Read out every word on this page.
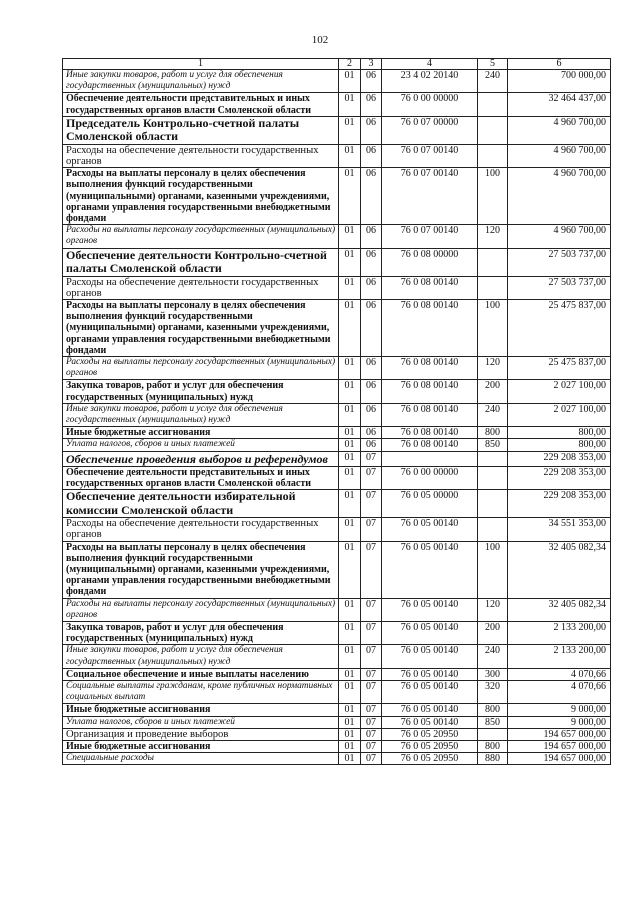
102
1	2	3	4	5	6
Иные закупки товаров, работ и услуг для обеспечения государственных (муниципальных) нужд	01	06	23 4 02 20140	240	700 000,00
Обеспечение деятельности представительных и иных государственных органов власти Смоленской области	01	06	76 0 00 00000		32 464 437,00
Председатель Контрольно-счетной палаты Смоленской области	01	06	76 0 07 00000		4 960 700,00
Расходы на обеспечение деятельности государственных органов	01	06	76 0 07 00140		4 960 700,00
Расходы на выплаты персоналу в целях обеспечения выполнения функций государственными (муниципальными) органами, казенными учреждениями, органами управления государственными внебюджетными фондами	01	06	76 0 07 00140	100	4 960 700,00
Расходы на выплаты персоналу государственных (муниципальных) органов	01	06	76 0 07 00140	120	4 960 700,00
Обеспечение деятельности Контрольно-счетной палаты Смоленской области	01	06	76 0 08 00000		27 503 737,00
Расходы на обеспечение деятельности государственных органов	01	06	76 0 08 00140		27 503 737,00
Расходы на выплаты персоналу в целях обеспечения выполнения функций государственными (муниципальными) органами, казенными учреждениями, органами управления государственными внебюджетными фондами	01	06	76 0 08 00140	100	25 475 837,00
Расходы на выплаты персоналу государственных (муниципальных) органов	01	06	76 0 08 00140	120	25 475 837,00
Закупка товаров, работ и услуг для обеспечения государственных (муниципальных) нужд	01	06	76 0 08 00140	200	2 027 100,00
Иные закупки товаров, работ и услуг для обеспечения государственных (муниципальных) нужд	01	06	76 0 08 00140	240	2 027 100,00
Иные бюджетные ассигнования	01	06	76 0 08 00140	800	800,00
Уплата налогов, сборов и иных платежей	01	06	76 0 08 00140	850	800,00
Обеспечение проведения выборов и референдумов	01	07			229 208 353,00
Обеспечение деятельности представительных и иных государственных органов власти Смоленской области	01	07	76 0 00 00000		229 208 353,00
Обеспечение деятельности избирательной комиссии Смоленской области	01	07	76 0 05 00000		229 208 353,00
Расходы на обеспечение деятельности государственных органов	01	07	76 0 05 00140		34 551 353,00
Расходы на выплаты персоналу в целях обеспечения выполнения функций государственными (муниципальными) органами, казенными учреждениями, органами управления государственными внебюджетными фондами	01	07	76 0 05 00140	100	32 405 082,34
Расходы на выплаты персоналу государственных (муниципальных) органов	01	07	76 0 05 00140	120	32 405 082,34
Закупка товаров, работ и услуг для обеспечения государственных (муниципальных) нужд	01	07	76 0 05 00140	200	2 133 200,00
Иные закупки товаров, работ и услуг для обеспечения государственных (муниципальных) нужд	01	07	76 0 05 00140	240	2 133 200,00
Социальное обеспечение и иные выплаты населению	01	07	76 0 05 00140	300	4 070,66
Социальные выплаты гражданам, кроме публичных нормативных социальных выплат	01	07	76 0 05 00140	320	4 070,66
Иные бюджетные ассигнования	01	07	76 0 05 00140	800	9 000,00
Уплата налогов, сборов и иных платежей	01	07	76 0 05 00140	850	9 000,00
Организация и проведение выборов	01	07	76 0 05 20950		194 657 000,00
Иные бюджетные ассигнования	01	07	76 0 05 20950	800	194 657 000,00
Специальные расходы	01	07	76 0 05 20950	880	194 657 000,00
